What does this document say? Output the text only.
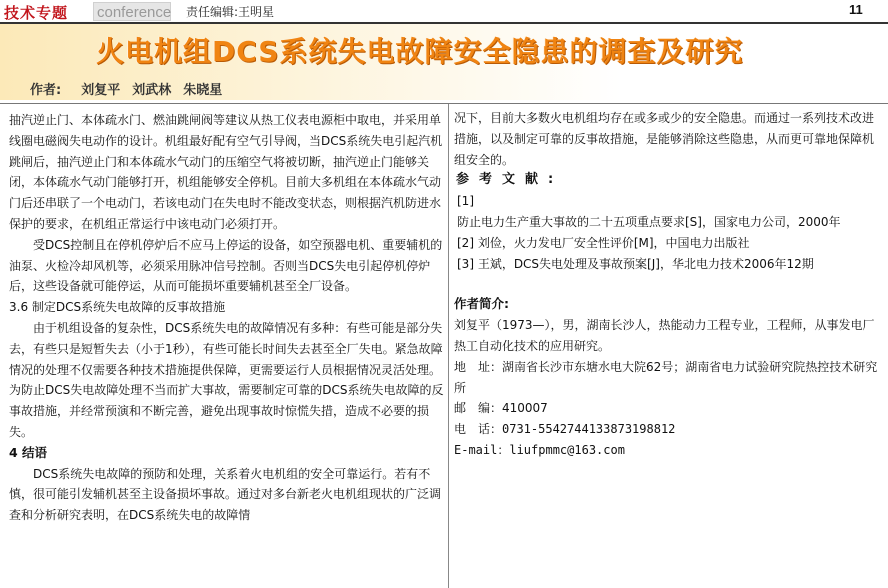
技术专题 conference 责任编辑:王明星	11
火电机组DCS系统失电故障安全隐患的调查及研究
作者: 刘复平 刘武林 朱晓星

抽汽逆止门、本体疏水门、燃油跳闸阀等建议从热工仪表电源柜中取电，并采用单线圈电磁阀失电动作的设计。机组最好配有空气引导阀，当DCS系统失电引起汽机跳闸后，抽汽逆止门和本体疏水气动门的压缩空气将被切断，抽汽逆止门能够关闭，本体疏水气动门能够打开，机组能够安全停机。目前大多机组在本体疏水气动门后还串联了一个电动门，若该电动门在失电时不能改变状态，则根据汽机防进水保护的要求，在机组正常运行中该电动门必须打开。

受DCS控制且在停机停炉后不应马上停运的设备，如空预器电机、重要辅机的油泵、火检冷却风机等，必须采用脉冲信号控制。否则当DCS失电引起停机停炉后，这些设备就可能停运，从而可能损坏重要辅机甚至全厂设备。

3.6 制定DCS系统失电故障的反事故措施

由于机组设备的复杂性，DCS系统失电的故障情况有多种：有些可能是部分失去，有些只是短暂失去（小于1秒），有些可能长时间失去甚至全厂失电。紧急故障情况的处理不仅需要各种技术措施提供保障，更需要运行人员根据情况灵活处理。为防止DCS失电故障处理不当而扩大事故，需要制定可靠的DCS系统失电故障的反事故措施，并经常预演和不断完善，避免出现事故时惊慌失措，造成不必要的损失。

4 结语

DCS系统失电故障的预防和处理，关系着火电机组的安全可靠运行。若有不慎，很可能引发辅机甚至主设备损坏事故。通过对多台新老火电机组现状的广泛调查和分析研究表明，在DCS系统失电的故障情

况下，目前大多数火电机组均存在或多或少的安全隐患。而通过一系列技术改进措施，以及制定可靠的反事故措施，是能够消除这些隐患，从而更可靠地保障机组安全的。

参考文献:

[1]

防止电力生产重大事故的二十五项重点要求[S]，国家电力公司，2000年

[2] 刘俭，火力发电厂安全性评价[M]，中国电力出版社

[3] 王斌，DCS失电处理及事故预案[J]，华北电力技术2006年12期

作者简介:

刘复平（1973—），男，湖南长沙人，热能动力工程专业，工程师，从事发电厂热工自动化技术的应用研究。

地　址：湖南省长沙市东塘水电大院62号；湖南省电力试验研究院热控技术研究所

邮　编：410007

电　话：0731-5542744133873198812

E-mail：liufpmmc@163.com
